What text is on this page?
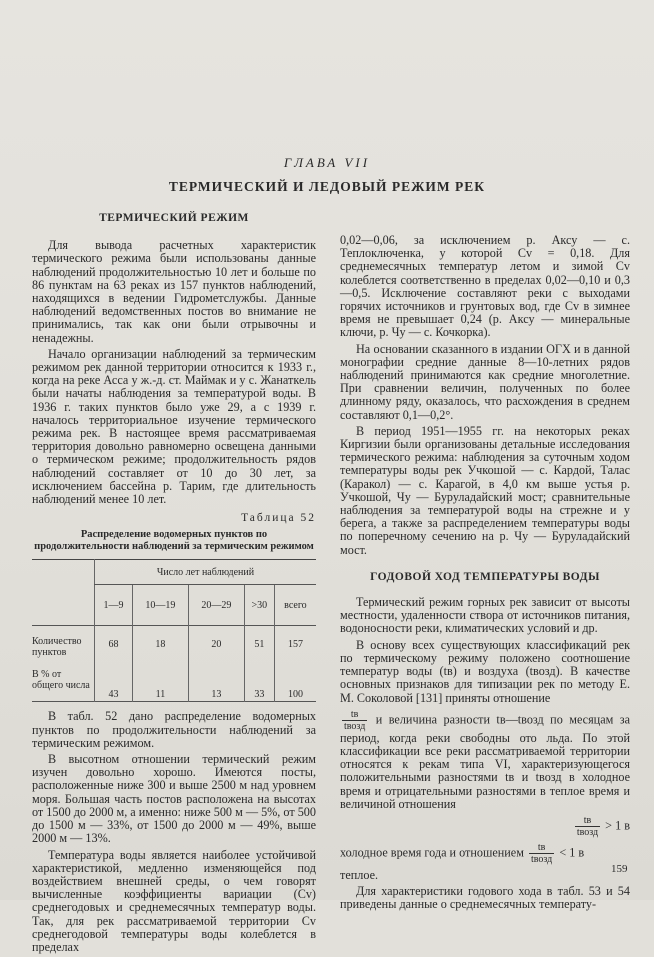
ГЛАВА VII
ТЕРМИЧЕСКИЙ И ЛЕДОВЫЙ РЕЖИМ РЕК
ТЕРМИЧЕСКИЙ РЕЖИМ

Для вывода расчетных характеристик термического режима были использованы данные наблюдений продолжительностью 10 лет и больше по 86 пунктам на 63 реках из 157 пунктов наблюдений, находящихся в ведении Гидрометслужбы. Данные наблюдений ведомственных постов во внимание не принимались, так как они были отрывочны и ненадежны.

Начало организации наблюдений за термическим режимом рек данной территории относится к 1933 г., когда на реке Асса у ж.-д. ст. Маймак и у с. Жанаткель были начаты наблюдения за температурой воды. В 1936 г. таких пунктов было уже 29, а с 1939 г. началось территориальное изучение термического режима рек. В настоящее время рассматриваемая территория довольно равномерно освещена данными о термическом режиме; продолжительность рядов наблюдений составляет от 10 до 30 лет, за исключением бассейна р. Тарим, где длительность наблюдений менее 10 лет.

Таблица 52
Распределение водомерных пунктов по продолжительности наблюдений за термическим режимом
	Число лет наблюдений				
	1—9	10—19	20—29	>30	всего
Количество пунктов	68	18	20	51	157
В % от общего числа	43	11	13	33	100

В табл. 52 дано распределение водомерных пунктов по продолжительности наблюдений за термическим режимом.

В высотном отношении термический режим изучен довольно хорошо. Имеются посты, расположенные ниже 300 и выше 2500 м над уровнем моря. Большая часть постов расположена на высотах от 1500 до 2000 м, а именно: ниже 500 м — 5%, от 500 до 1500 м — 33%, от 1500 до 2000 м — 49%, выше 2000 м — 13%.

Температура воды является наиболее устойчивой характеристикой, медленно изменяющейся под воздействием внешней среды, о чем говорят вычисленные коэффициенты вариации (Cv) среднегодовых и среднемесячных температур воды. Так, для рек рассматриваемой территории Cv среднегодовой температуры воды колеблется в пределах

0,02—0,06, за исключением р. Аксу — с. Теплоключенка, у которой Cv = 0,18. Для среднемесячных температур летом и зимой Cv колеблется соответственно в пределах 0,02—0,10 и 0,3—0,5. Исключение составляют реки с выходами горячих источников и грунтовых вод, где Cv в зимнее время не превышает 0,24 (р. Аксу — минеральные ключи, р. Чу — с. Кочкорка).

На основании сказанного в издании ОГХ и в данной монографии средние данные 8—10-летних рядов наблюдений принимаются как средние многолетние. При сравнении величин, полученных по более длинному ряду, оказалось, что расхождения в среднем составляют 0,1—0,2°.

В период 1951—1955 гг. на некоторых реках Киргизии были организованы детальные исследования термического режима: наблюдения за суточным ходом температуры воды рек Учкошой — с. Кардой, Талас (Каракол) — с. Карагой, в 4,0 км выше устья р. Учкошой, Чу — Буруладайский мост; сравнительные наблюдения за температурой воды на стрежне и у берега, а также за распределением температуры воды по поперечному сечению на р. Чу — Буруладайский мост.

ГОДОВОЙ ХОД ТЕМПЕРАТУРЫ ВОДЫ

Термический режим горных рек зависит от высоты местности, удаленности створа от источников питания, водоносности реки, климатических условий и др.

В основу всех существующих классификаций рек по термическому режиму положено соотношение температур воды (tв) и воздуха (tвозд). В качестве основных признаков для типизации рек по методу Е. М. Соколовой [131] приняты отношение

$\frac{tв}{\text{tвозд}}$ и величина разности tв—tвозд по месяцам за период, когда реки свободны ото льда. По этой классификации все реки рассматриваемой территории относятся к рекам типа VI, характеризующегося положительными разностями tв и tвозд в холодное время и отрицательными разностями в теплое время и величиной отношения
$\frac{tв}{\text{tвозд}} > 1$ в
холодное время года и отношением $\frac{tв}{\text{tвозд}} < 1$ в

теплое.

Для характеристики годового хода в табл. 53 и 54 приведены данные о среднемесячных температу-

159
